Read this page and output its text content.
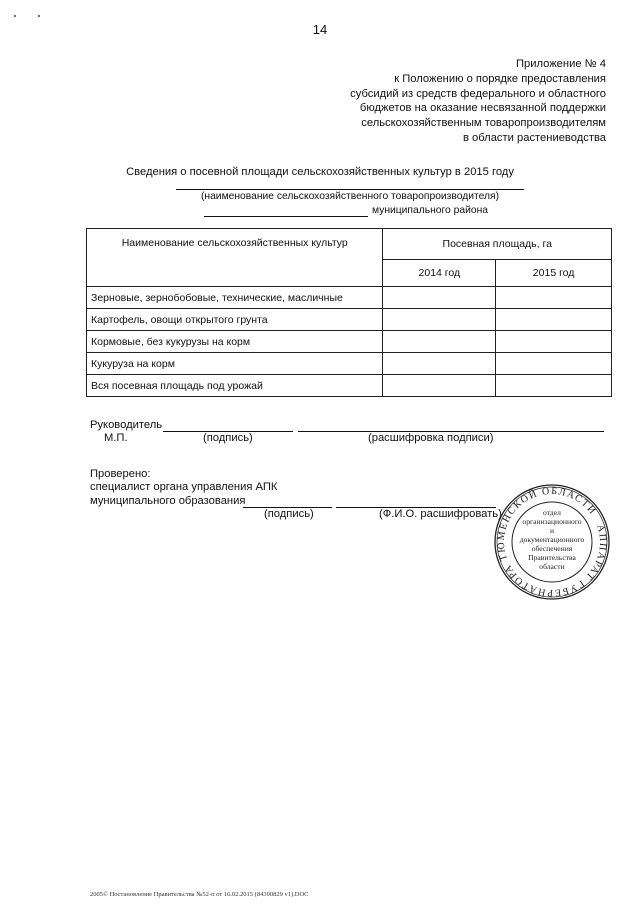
14
Приложение № 4
к Положению о порядке предоставления
субсидий из средств федерального и областного
бюджетов на оказание несвязанной поддержки
сельскохозяйственным товаропроизводителям
в области растениеводства
Сведения о посевной площади сельскохозяйственных культур в 2015 году
(наименование сельскохозяйственного товаропроизводителя)
муниципального района
Наименование сельскохозяйственных культур	Посевная площадь, га	
	2014 год	2015 год
Зерновые, зернобобовые, технические, масличные		
Картофель, овощи открытого грунта		
Кормовые, без кукурузы на корм		
Кукуруза на корм		
Вся посевная площадь под урожай		
Руководитель
М.П.	(подпись)	(расшифровка подписи)
Проверено:
специалист органа управления АПК
муниципального образования
(подпись)	(Ф.И.О. расшифровать)
АППАРАТ ГУБЕРНАТОРА ТЮМЕНСКОЙ ОБЛАСТИ
отдел
организационного
и
документационного
обеспечения
Правительства
области
2005© Постановление Правительства №52-п от 16.02.2015 (84390829 v1).DOC
